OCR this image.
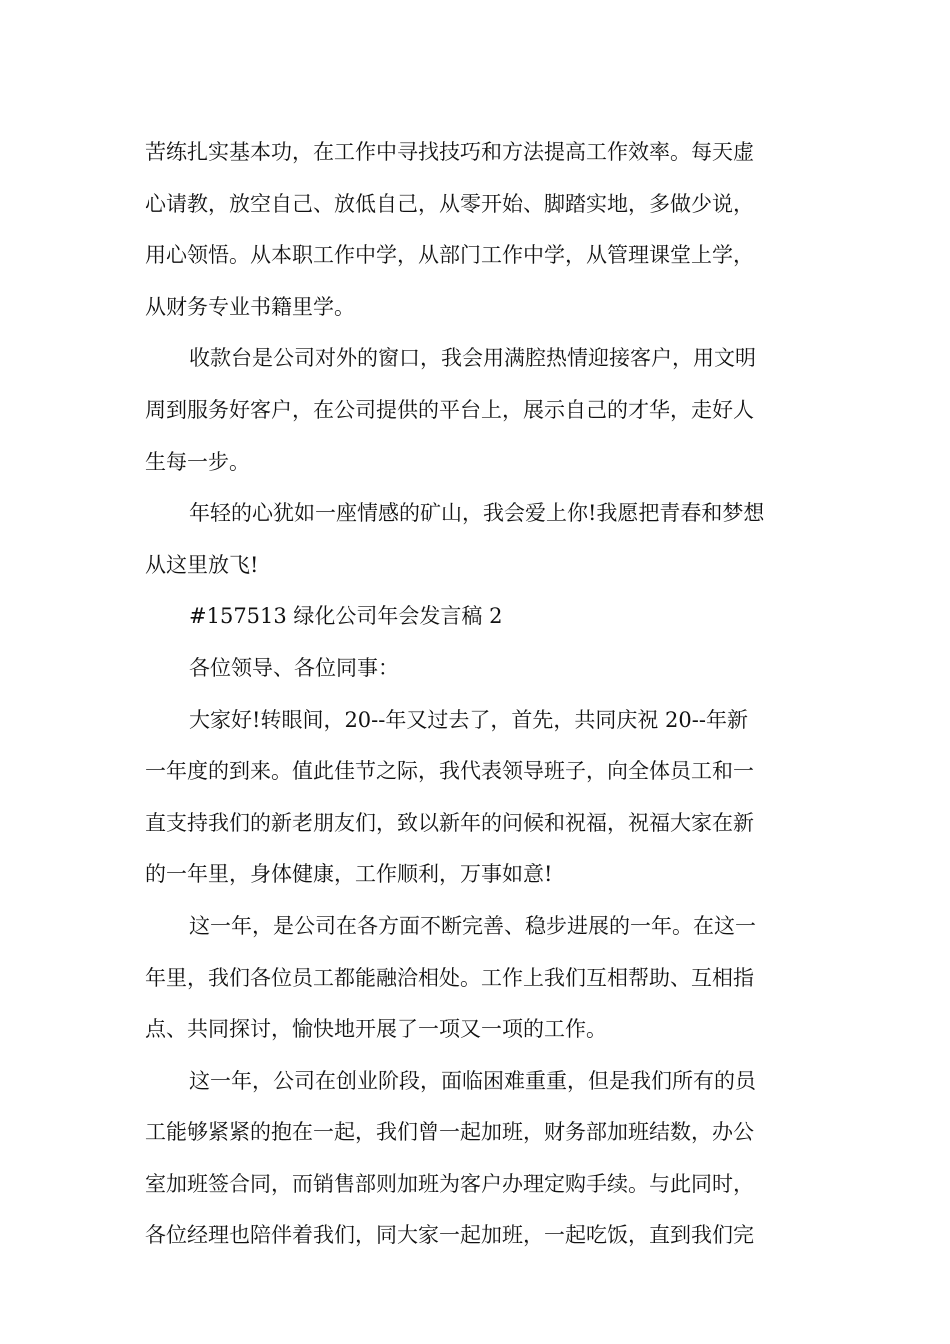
苦练扎实基本功，在工作中寻找技巧和方法提高工作效率。每天虚
心请教，放空自己、放低自己，从零开始、脚踏实地，多做少说，
用心领悟。从本职工作中学，从部门工作中学，从管理课堂上学，
从财务专业书籍里学。
收款台是公司对外的窗口，我会用满腔热情迎接客户，用文明
周到服务好客户，在公司提供的平台上，展示自己的才华，走好人
生每一步。
年轻的心犹如一座情感的矿山，我会爱上你!我愿把青春和梦想
从这里放飞!
#157513 绿化公司年会发言稿 2
各位领导、各位同事：
大家好!转眼间，20--年又过去了，首先，共同庆祝 20--年新
一年度的到来。值此佳节之际，我代表领导班子，向全体员工和一
直支持我们的新老朋友们，致以新年的问候和祝福，祝福大家在新
的一年里，身体健康，工作顺利，万事如意!
这一年，是公司在各方面不断完善、稳步进展的一年。在这一
年里，我们各位员工都能融洽相处。工作上我们互相帮助、互相指
点、共同探讨，愉快地开展了一项又一项的工作。
这一年，公司在创业阶段，面临困难重重，但是我们所有的员
工能够紧紧的抱在一起，我们曾一起加班，财务部加班结数，办公
室加班签合同，而销售部则加班为客户办理定购手续。与此同时，
各位经理也陪伴着我们，同大家一起加班，一起吃饭，直到我们完
